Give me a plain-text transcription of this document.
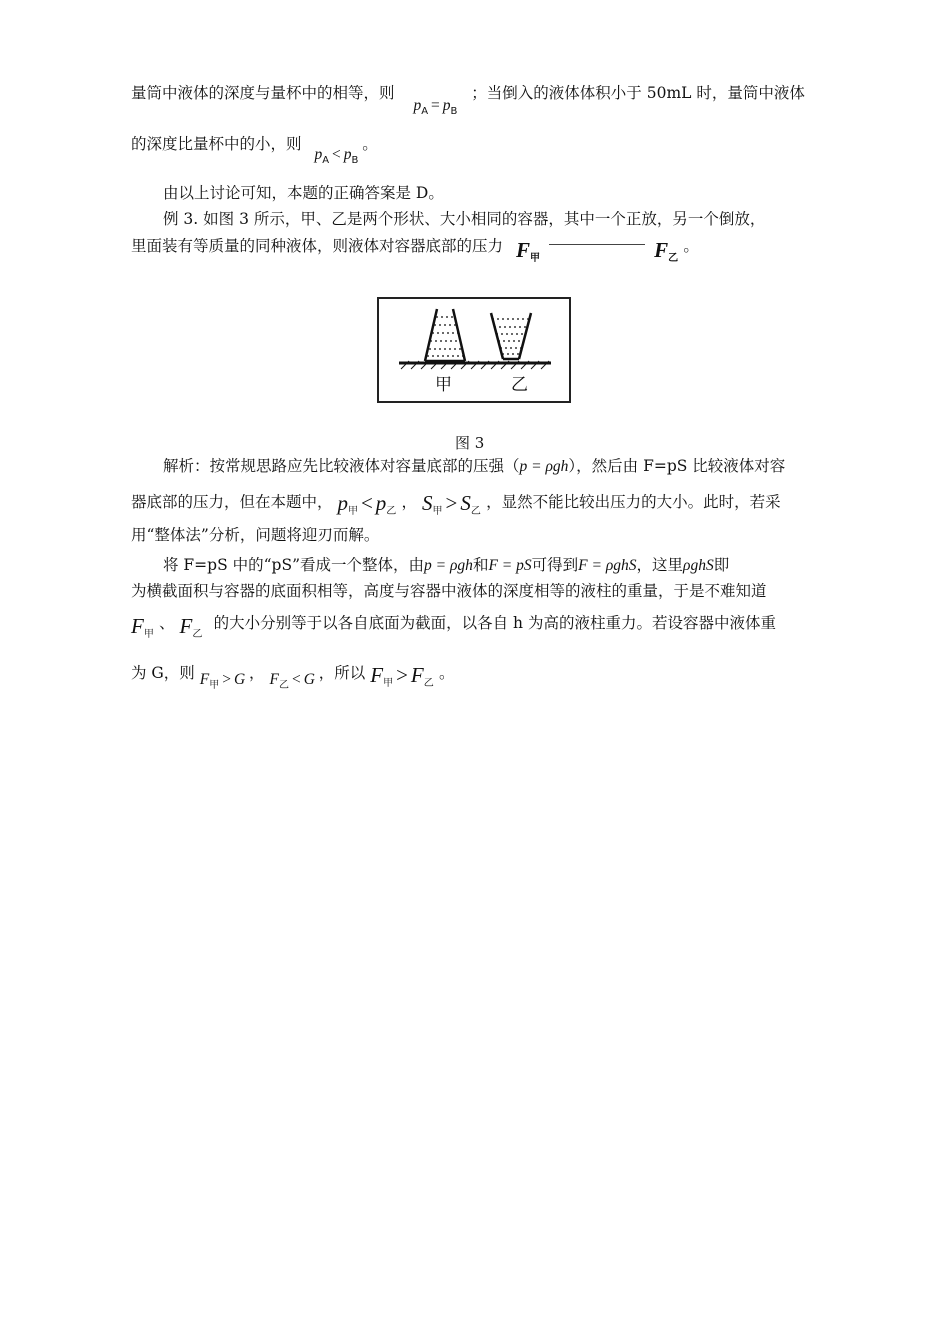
量筒中液体的深度与量杯中的相等，则 $p_A = p_B$ ；当倒入的液体体积小于 50mL 时，量筒中液体
的深度比量杯中的小，则 $p_A < p_B$ 。
由以上讨论可知，本题的正确答案是 D。
例 3. 如图 3 所示，甲、乙是两个形状、大小相同的容器，其中一个正放，另一个倒放，
里面装有等质量的同种液体，则液体对容器底部的压力 $F_甲$	$F_乙$ 。
甲	乙
图 3
解析：按常规思路应先比较液体对容量底部的压强（p = ρgh），然后由 F=pS 比较液体对容
器底部的压力，但在本题中， $p_甲 < p_乙$ ， $S_甲 > S_乙$ ，显然不能比较出压力的大小。此时，若采
用“整体法”分析，问题将迎刃而解。
将 F=pS 中的“pS”看成一个整体，由p = ρgh和F = pS可得到F = ρghS，这里ρghS即
为横截面积与容器的底面积相等，高度与容器中液体的深度相等的液柱的重量，于是不难知道
$F_甲$ 、 $F_乙$ 的大小分别等于以各自底面为截面，以各自 h 为高的液柱重力。若设容器中液体重
为 G，则 $F_甲 > G$ ， $F_乙 < G$ ，所以 $F_甲 > F_乙$ 。
